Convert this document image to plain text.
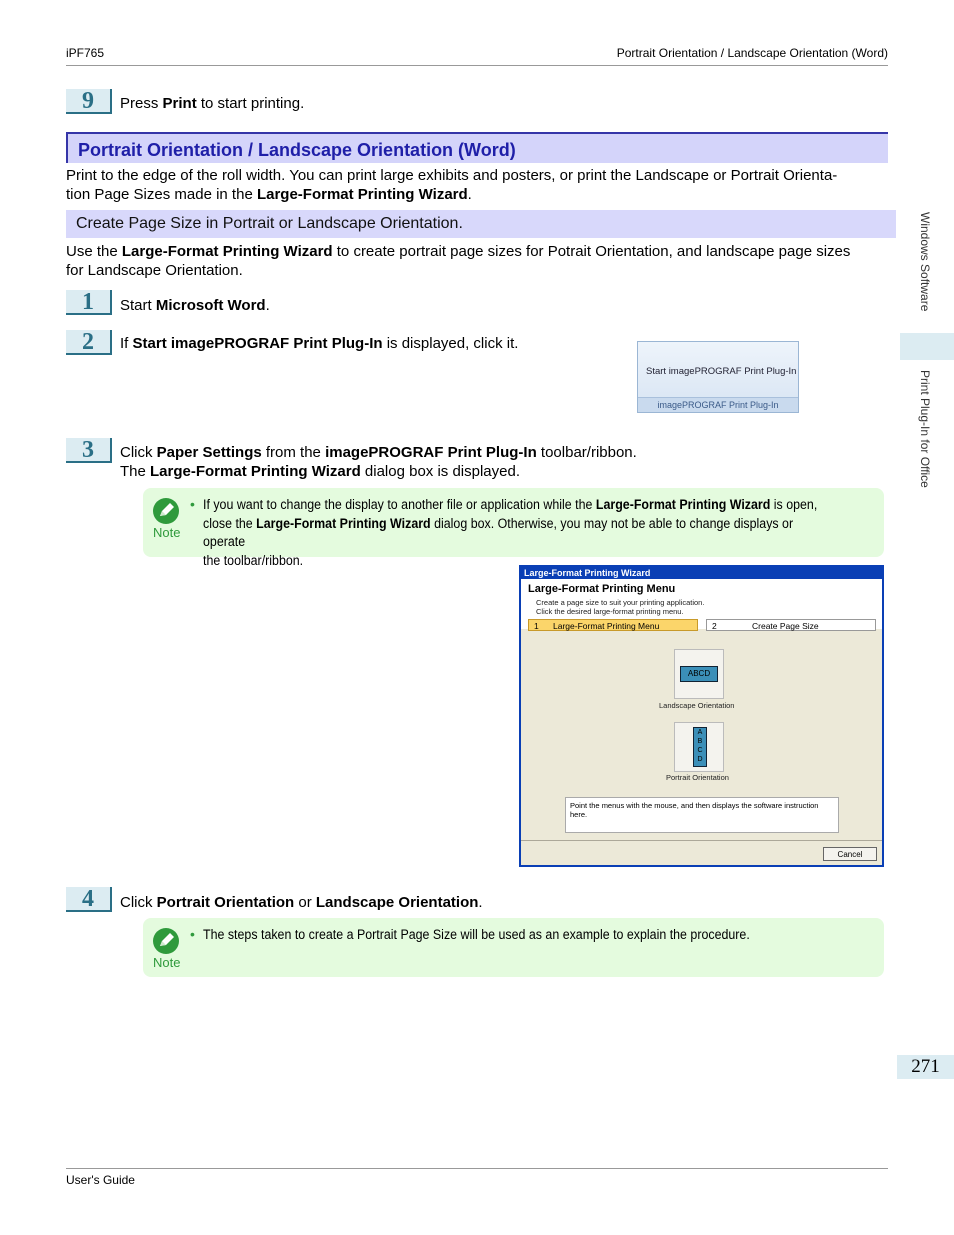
iPF765	Portrait Orientation / Landscape Orientation (Word)
9	Press Print to start printing.
Portrait Orientation / Landscape Orientation (Word)
Print to the edge of the roll width. You can print large exhibits and posters, or print the Landscape or Portrait Orienta-
tion Page Sizes made in the Large-Format Printing Wizard.
Create Page Size in Portrait or Landscape Orientation.
Use the Large-Format Printing Wizard to create portrait page sizes for Potrait Orientation, and landscape page sizes
for Landscape Orientation.
1	Start Microsoft Word.
2	If Start imagePROGRAF Print Plug-In is displayed, click it.
Start imagePROGRAF Print Plug-In
imagePROGRAF Print Plug-In
3	Click Paper Settings from the imagePROGRAF Print Plug-In toolbar/ribbon.
The Large-Format Printing Wizard dialog box is displayed.
Note
• If you want to change the display to another file or application while the Large-Format Printing Wizard is open,
close the Large-Format Printing Wizard dialog box. Otherwise, you may not be able to change displays or operate
the toolbar/ribbon.
Large-Format Printing Wizard
Large-Format Printing Menu
Create a page size to suit your printing application.
Click the desired large-format printing menu.
1 Large-Format Printing Menu	2	Create Page Size
ABCD
Landscape Orientation
A
B
C
D
Portrait Orientation
Point the menus with the mouse, and then displays the software instruction here.
Cancel
4	Click Portrait Orientation or Landscape Orientation.
Note
• The steps taken to create a Portrait Page Size will be used as an example to explain the procedure.
Windows Software
Print Plug-In for Office
271
User's Guide
